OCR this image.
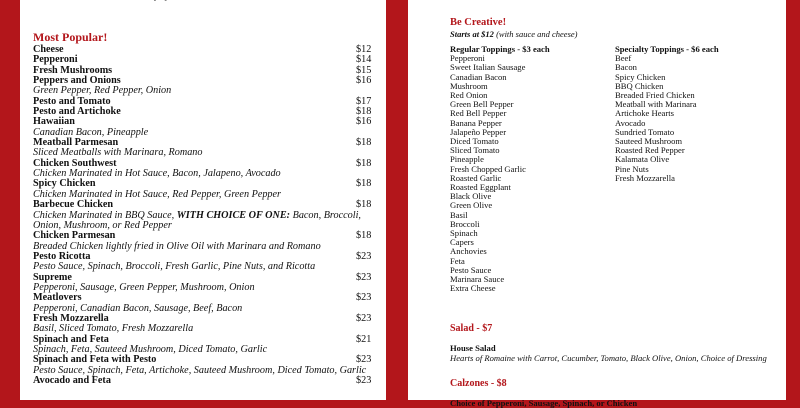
Most Popular!
Cheese	$12
Pepperoni	$14
Fresh Mushrooms	$15
Peppers and Onions	$16
Green Pepper, Red Pepper, Onion
Pesto and Tomato	$17
Pesto and Artichoke	$18
Hawaiian	$16
Canadian Bacon, Pineapple
Meatball Parmesan	$18
Sliced Meatballs with Marinara, Romano
Chicken Southwest	$18
Chicken Marinated in Hot Sauce, Bacon, Jalapeno, Avocado
Spicy Chicken	$18
Chicken Marinated in Hot Sauce, Red Pepper, Green Pepper
Barbecue Chicken	$18
Chicken Marinated in BBQ Sauce, WITH CHOICE OF ONE: Bacon, Broccoli, Onion, Mushroom, or Red Pepper
Chicken Parmesan	$18
Breaded Chicken lightly fried in Olive Oil with Marinara and Romano
Pesto Ricotta	$23
Pesto Sauce, Spinach, Broccoli, Fresh Garlic, Pine Nuts, and Ricotta
Supreme	$23
Pepperoni, Sausage, Green Pepper, Mushroom, Onion
Meatlovers	$23
Pepperoni, Canadian Bacon, Sausage, Beef, Bacon
Fresh Mozzarella	$23
Basil, Sliced Tomato, Fresh Mozzarella
Spinach and Feta	$21
Spinach, Feta, Sauteed Mushroom, Diced Tomato, Garlic
Spinach and Feta with Pesto	$23
Pesto Sauce, Spinach, Feta, Artichoke, Sauteed Mushroom, Diced Tomato, Garlic
Avocado and Feta	$23
Be Creative!
Starts at $12 (with sauce and cheese)
Regular Toppings - $3 each
Pepperoni
Sweet Italian Sausage
Canadian Bacon
Mushroom
Red Onion
Green Bell Pepper
Red Bell Pepper
Banana Pepper
Jalapeño Pepper
Diced Tomato
Sliced Tomato
Pineapple
Fresh Chopped Garlic
Roasted Garlic
Roasted Eggplant
Black Olive
Green Olive
Basil
Broccoli
Spinach
Capers
Anchovies
Feta
Pesto Sauce
Marinara Sauce
Extra Cheese
Specialty Toppings - $6 each
Beef
Bacon
Spicy Chicken
BBQ Chicken
Breaded Fried Chicken
Meatball with Marinara
Artichoke Hearts
Avocado
Sundried Tomato
Sauteed Mushroom
Roasted Red Pepper
Kalamata Olive
Pine Nuts
Fresh Mozzarella
Salad - $7
House Salad
Hearts of Romaine with Carrot, Cucumber, Tomato, Black Olive, Onion, Choice of Dressing
Calzones - $8
Choice of Pepperoni, Sausage, Spinach, or Chicken
